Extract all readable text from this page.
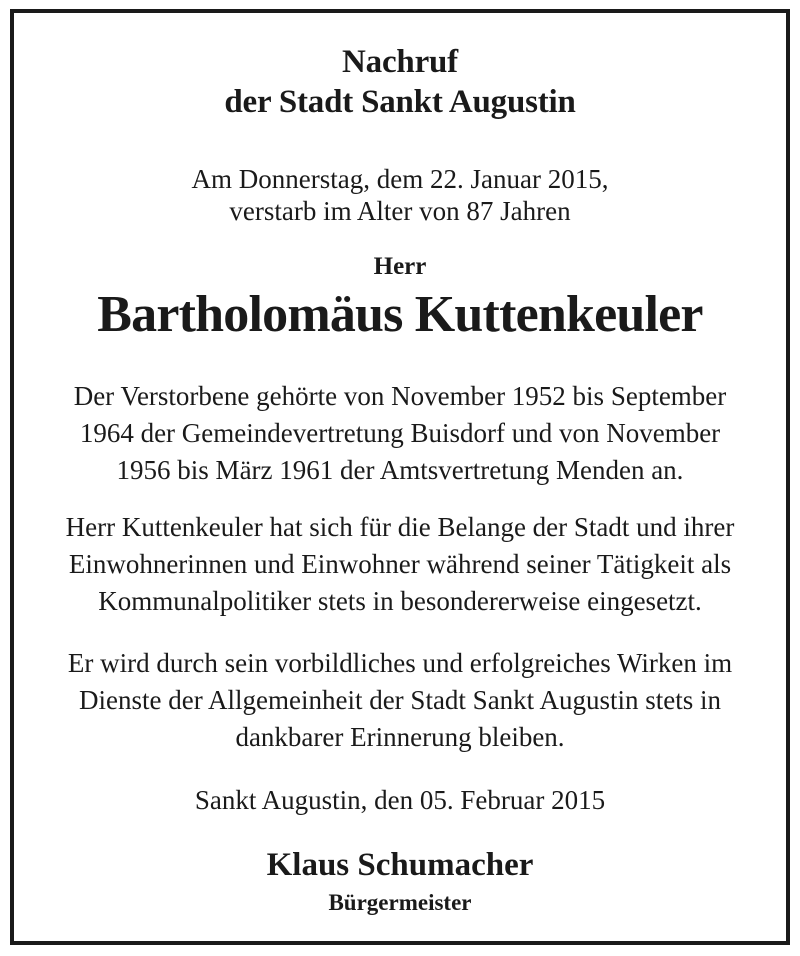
Nachruf
der Stadt Sankt Augustin
Am Donnerstag, dem 22. Januar 2015,
verstarb im Alter von 87 Jahren
Herr
Bartholomäus Kuttenkeuler
Der Verstorbene gehörte von November 1952 bis September
1964 der Gemeindevertretung Buisdorf und von November
1956 bis März 1961 der Amtsvertretung Menden an.
Herr Kuttenkeuler hat sich für die Belange der Stadt und ihrer
Einwohnerinnen und Einwohner während seiner Tätigkeit als
Kommunalpolitiker stets in besondererweise eingesetzt.
Er wird durch sein vorbildliches und erfolgreiches Wirken im
Dienste der Allgemeinheit der Stadt Sankt Augustin stets in
dankbarer Erinnerung bleiben.
Sankt Augustin, den 05. Februar 2015
Klaus Schumacher
Bürgermeister
